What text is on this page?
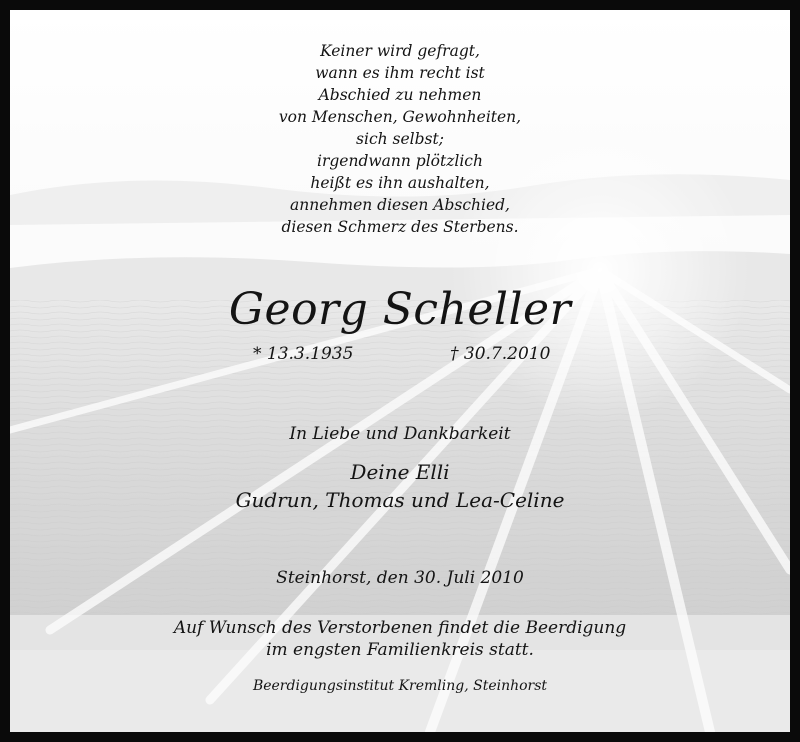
Keiner wird gefragt,
wann es ihm recht ist
Abschied zu nehmen
von Menschen, Gewohnheiten,
sich selbst;
irgendwann plötzlich
heißt es ihn aushalten,
annehmen diesen Abschied,
diesen Schmerz des Sterbens.
Georg Scheller
* 13.3.1935	† 30.7.2010
In Liebe und Dankbarkeit
Deine Elli
Gudrun, Thomas und Lea-Celine
Steinhorst, den 30. Juli 2010
Auf Wunsch des Verstorbenen findet die Beerdigung
im engsten Familienkreis statt.
Beerdigungsinstitut Kremling, Steinhorst
